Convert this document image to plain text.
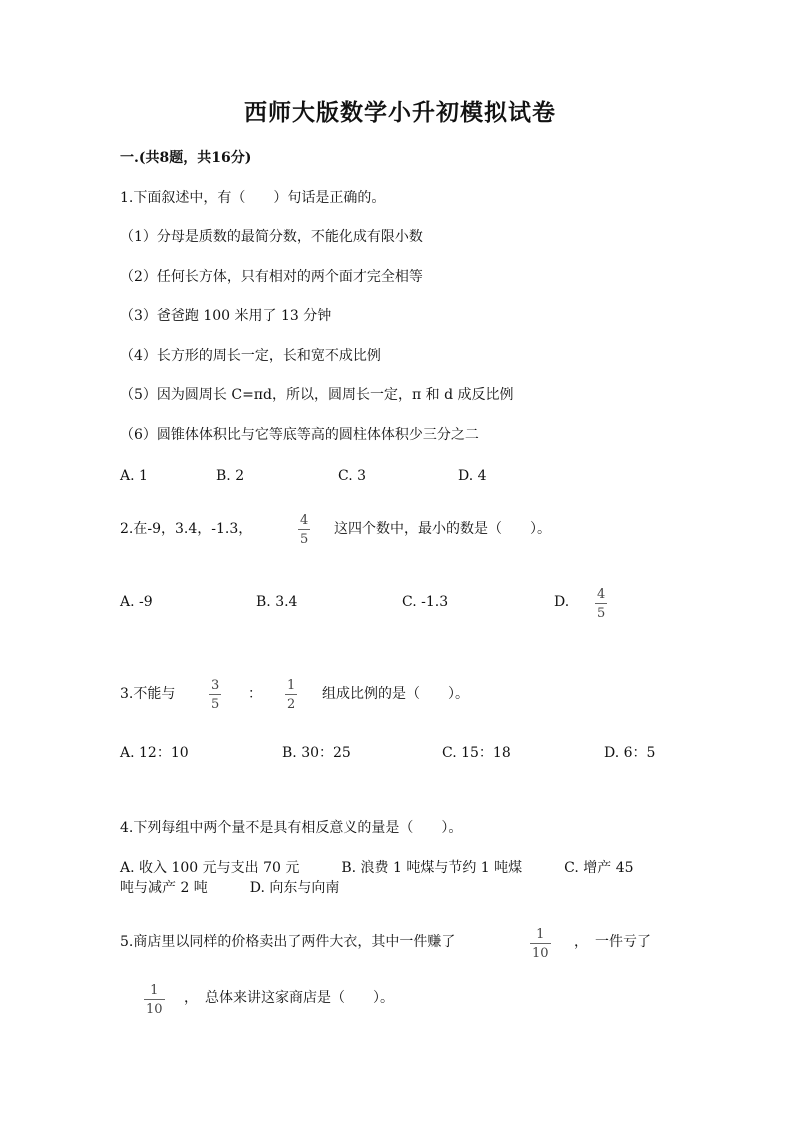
西师大版数学小升初模拟试卷
一.(共8题，共16分)
1.下面叙述中，有（　　）句话是正确的。
（1）分母是质数的最简分数，不能化成有限小数
（2）任何长方体，只有相对的两个面才完全相等
（3）爸爸跑 100 米用了 13 分钟
（4）长方形的周长一定，长和宽不成比例
（5）因为圆周长 C=πd，所以，圆周长一定，π 和 d 成反比例
（6）圆锥体体积比与它等底等高的圆柱体体积少三分之二
A. 1	B. 2	C. 3	D. 4
2.在-9，3.4，-1.3，
4
5
这四个数中，最小的数是（　　）。
A. -9	B. 3.4	C. -1.3	D. 4
5
3.不能与
3
5
：
1
2
组成比例的是（　　）。
A. 12：10	B. 30：25	C. 15：18	D. 6：5
4.下列每组中两个量不是具有相反意义的量是（　　）。
A. 收入 100 元与支出 70 元　　　B. 浪费 1 吨煤与节约 1 吨煤　　　C. 增产 45
吨与减产 2 吨　　　D. 向东与向南
5.商店里以同样的价格卖出了两件大衣，其中一件赚了	1
10
，　一件亏了
1
10
，　总体来讲这家商店是（　　）。
